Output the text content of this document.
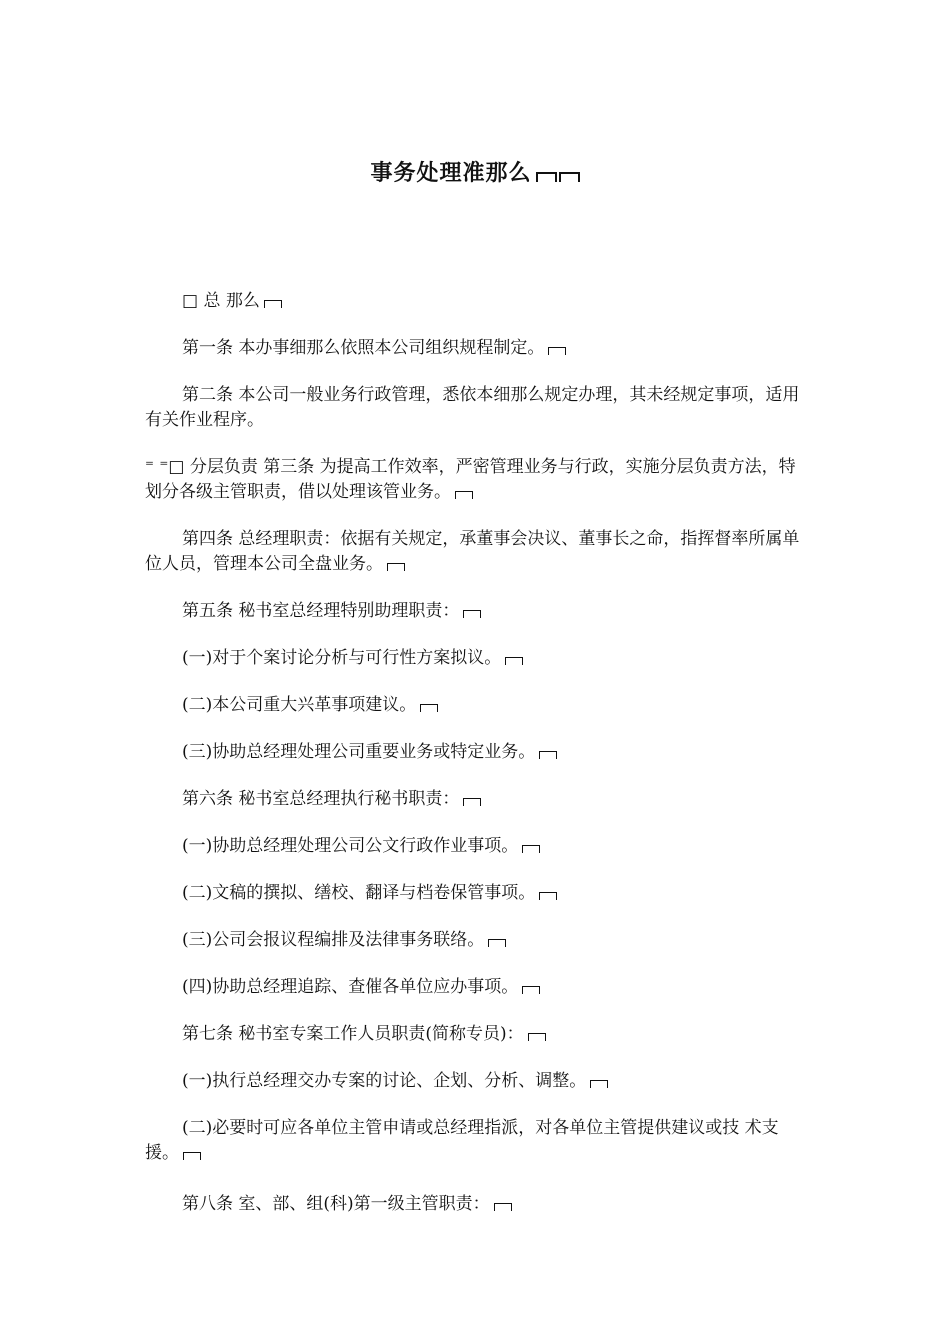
事务处理准那么
□ 总 那么
第一条 本办事细那么依照本公司组织规程制定。
第二条 本公司一般业务行政管理，悉依本细那么规定办理，其未经规定事项，适用有关作业程序。
⁼ ⁼□ 分层负责 第三条 为提高工作效率，严密管理业务与行政，实施分层负责方法，特 划分各级主管职责，借以处理该管业务。
第四条 总经理职责：依据有关规定，承董事会决议、董事长之命，指挥督率所属单位人员，管理本公司全盘业务。
第五条 秘书室总经理特别助理职责：
(一)对于个案讨论分析与可行性方案拟议。
(二)本公司重大兴革事项建议。
(三)协助总经理处理公司重要业务或特定业务。
第六条 秘书室总经理执行秘书职责：
(一)协助总经理处理公司公文行政作业事项。
(二)文稿的撰拟、缮校、翻译与档卷保管事项。
(三)公司会报议程编排及法律事务联络。
(四)协助总经理追踪、查催各单位应办事项。
第七条 秘书室专案工作人员职责(简称专员)：
(一)执行总经理交办专案的讨论、企划、分析、调整。
(二)必要时可应各单位主管申请或总经理指派，对各单位主管提供建议或技 术支援。
第八条 室、部、组(科)第一级主管职责：
